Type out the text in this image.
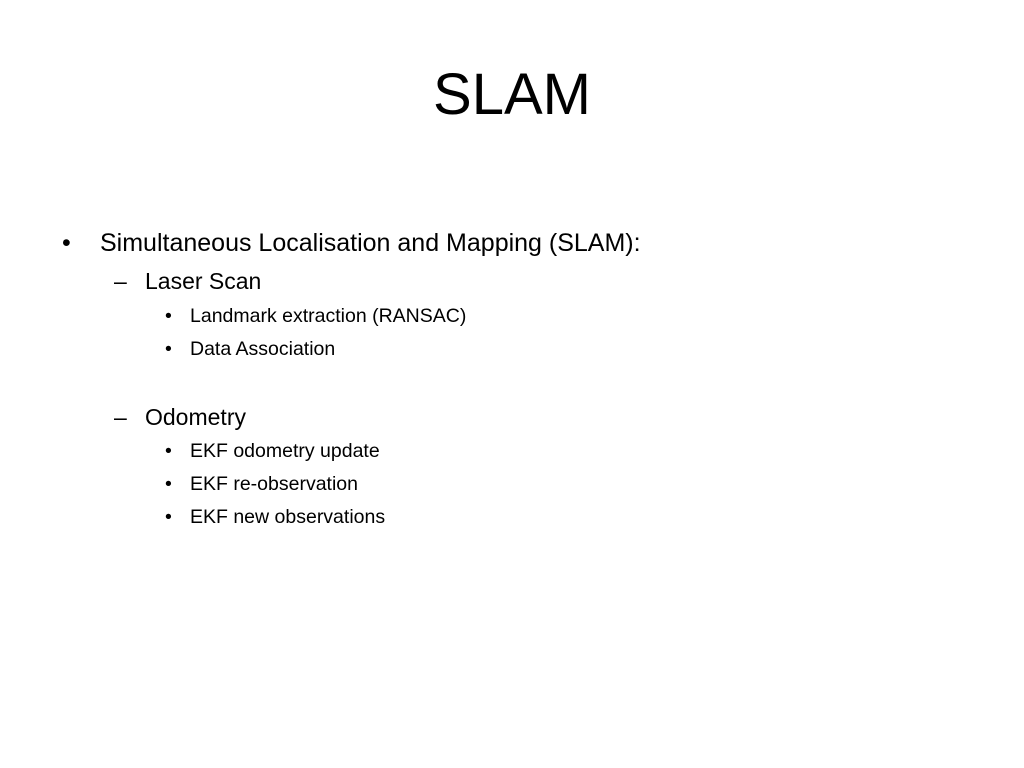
SLAM
• Simultaneous Localisation and Mapping (SLAM):
– Laser Scan
• Landmark extraction (RANSAC)
• Data Association
– Odometry
• EKF odometry update
• EKF re-observation
• EKF new observations
